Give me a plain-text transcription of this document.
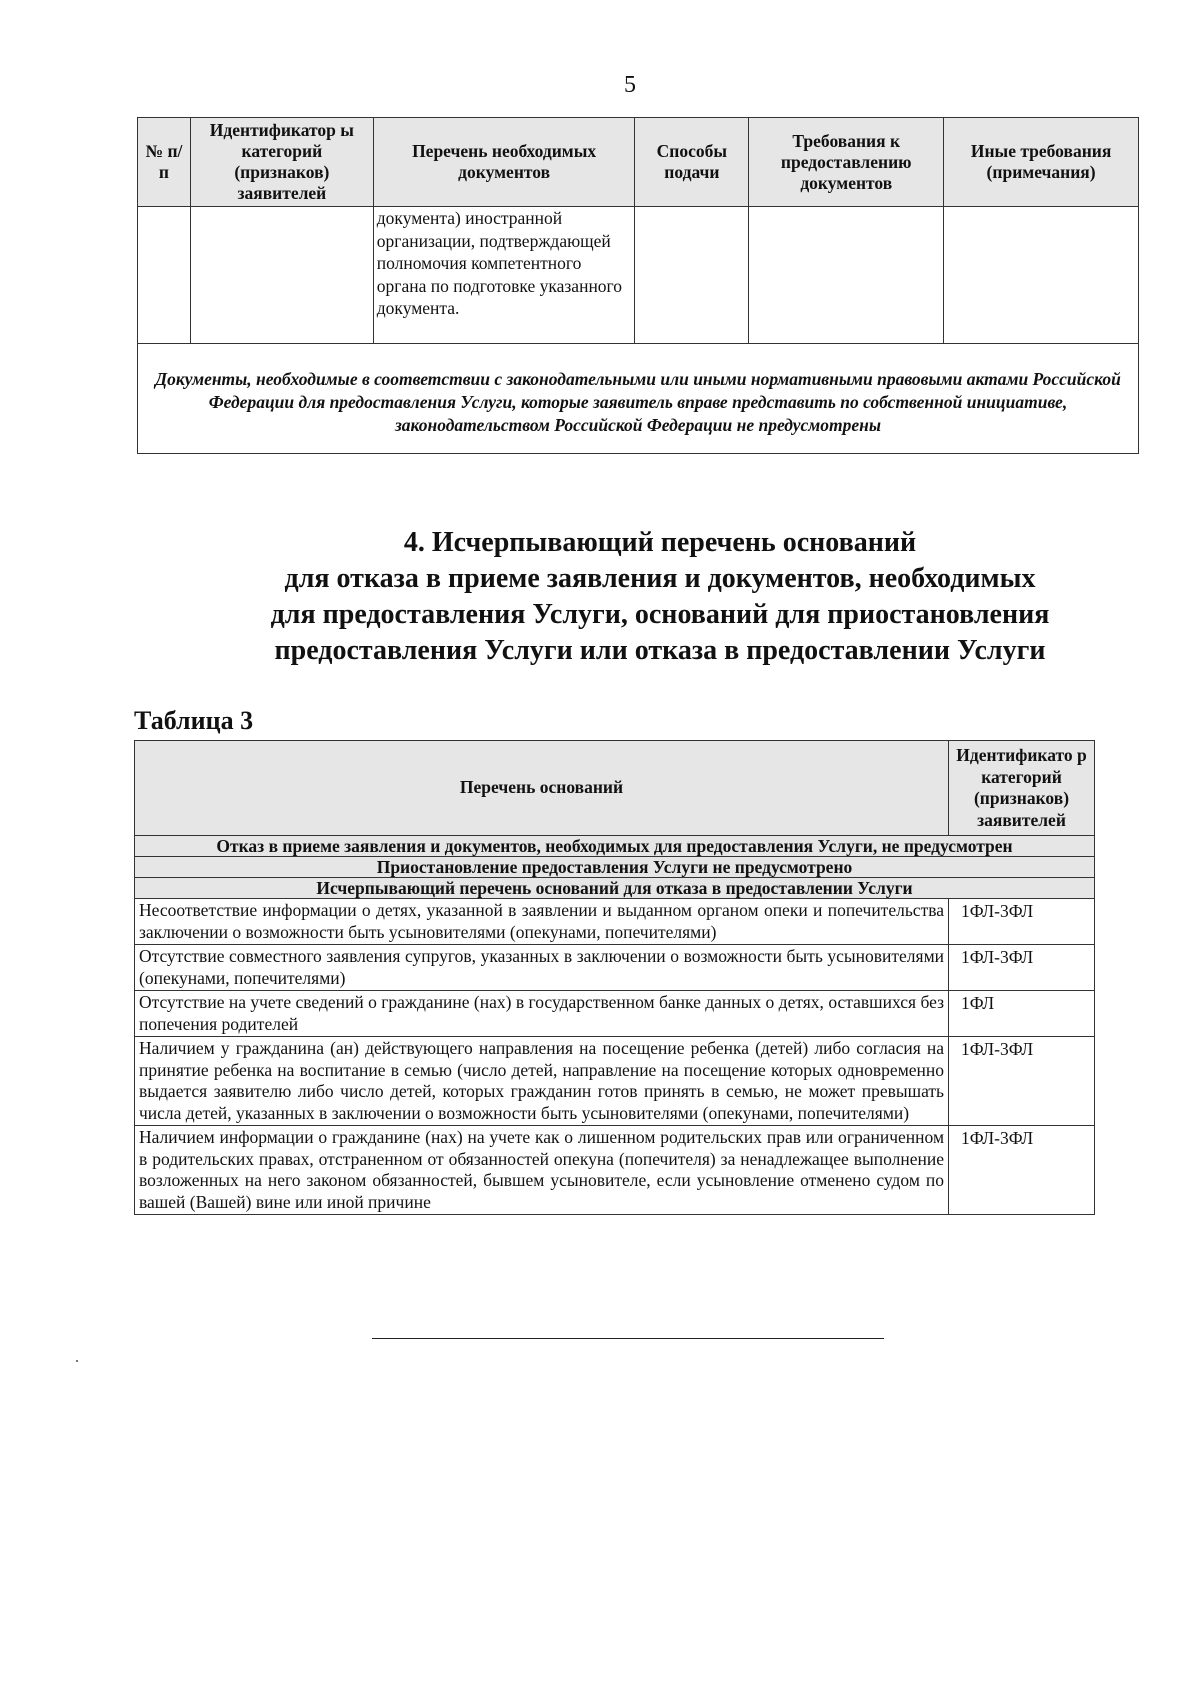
5
№ п/ п	Идентификатор ы категорий (признаков) заявителей	Перечень необходимых документов	Способы подачи	Требования к предоставлению документов	Иные требования (примечания)
		документа) иностранной организации, подтверждающей полномочия компетентного органа по подготовке указанного документа.			
Документы, необходимые в соответствии с законодательными или иными нормативными правовыми актами Российской Федерации для предоставления Услуги, которые заявитель вправе представить по собственной инициативе, законодательством Российской Федерации не предусмотрены					
4. Исчерпывающий перечень оснований
для отказа в приеме заявления и документов, необходимых
для предоставления Услуги, оснований для приостановления
предоставления Услуги или отказа в предоставлении Услуги
Таблица 3
Перечень оснований	Идентификато р категорий (признаков) заявителей
Отказ в приеме заявления и документов, необходимых для предоставления Услуги, не предусмотрен	
Приостановление предоставления Услуги не предусмотрено	
Исчерпывающий перечень оснований для отказа в предоставлении Услуги	
Несоответствие информации о детях, указанной в заявлении и выданном органом опеки и попечительства заключении о возможности быть усыновителями (опекунами, попечителями)	1ФЛ-3ФЛ
Отсутствие совместного заявления супругов, указанных в заключении о возможности быть усыновителями (опекунами, попечителями)	1ФЛ-3ФЛ
Отсутствие на учете сведений о гражданине (нах) в государственном банке данных о детях, оставшихся без попечения родителей	1ФЛ
Наличием у гражданина (ан) действующего направления на посещение ребенка (детей) либо согласия на принятие ребенка на воспитание в семью (число детей, направление на посещение которых одновременно выдается заявителю либо число детей, которых гражданин готов принять в семью, не может превышать числа детей, указанных в заключении о возможности быть усыновителями (опекунами, попечителями)	1ФЛ-3ФЛ
Наличием информации о гражданине (нах) на учете как о лишенном родительских прав или ограниченном в родительских правах, отстраненном от обязанностей опекуна (попечителя) за ненадлежащее выполнение возложенных на него законом обязанностей, бывшем усыновителе, если усыновление отменено судом по вашей (Вашей) вине или иной причине	1ФЛ-3ФЛ
